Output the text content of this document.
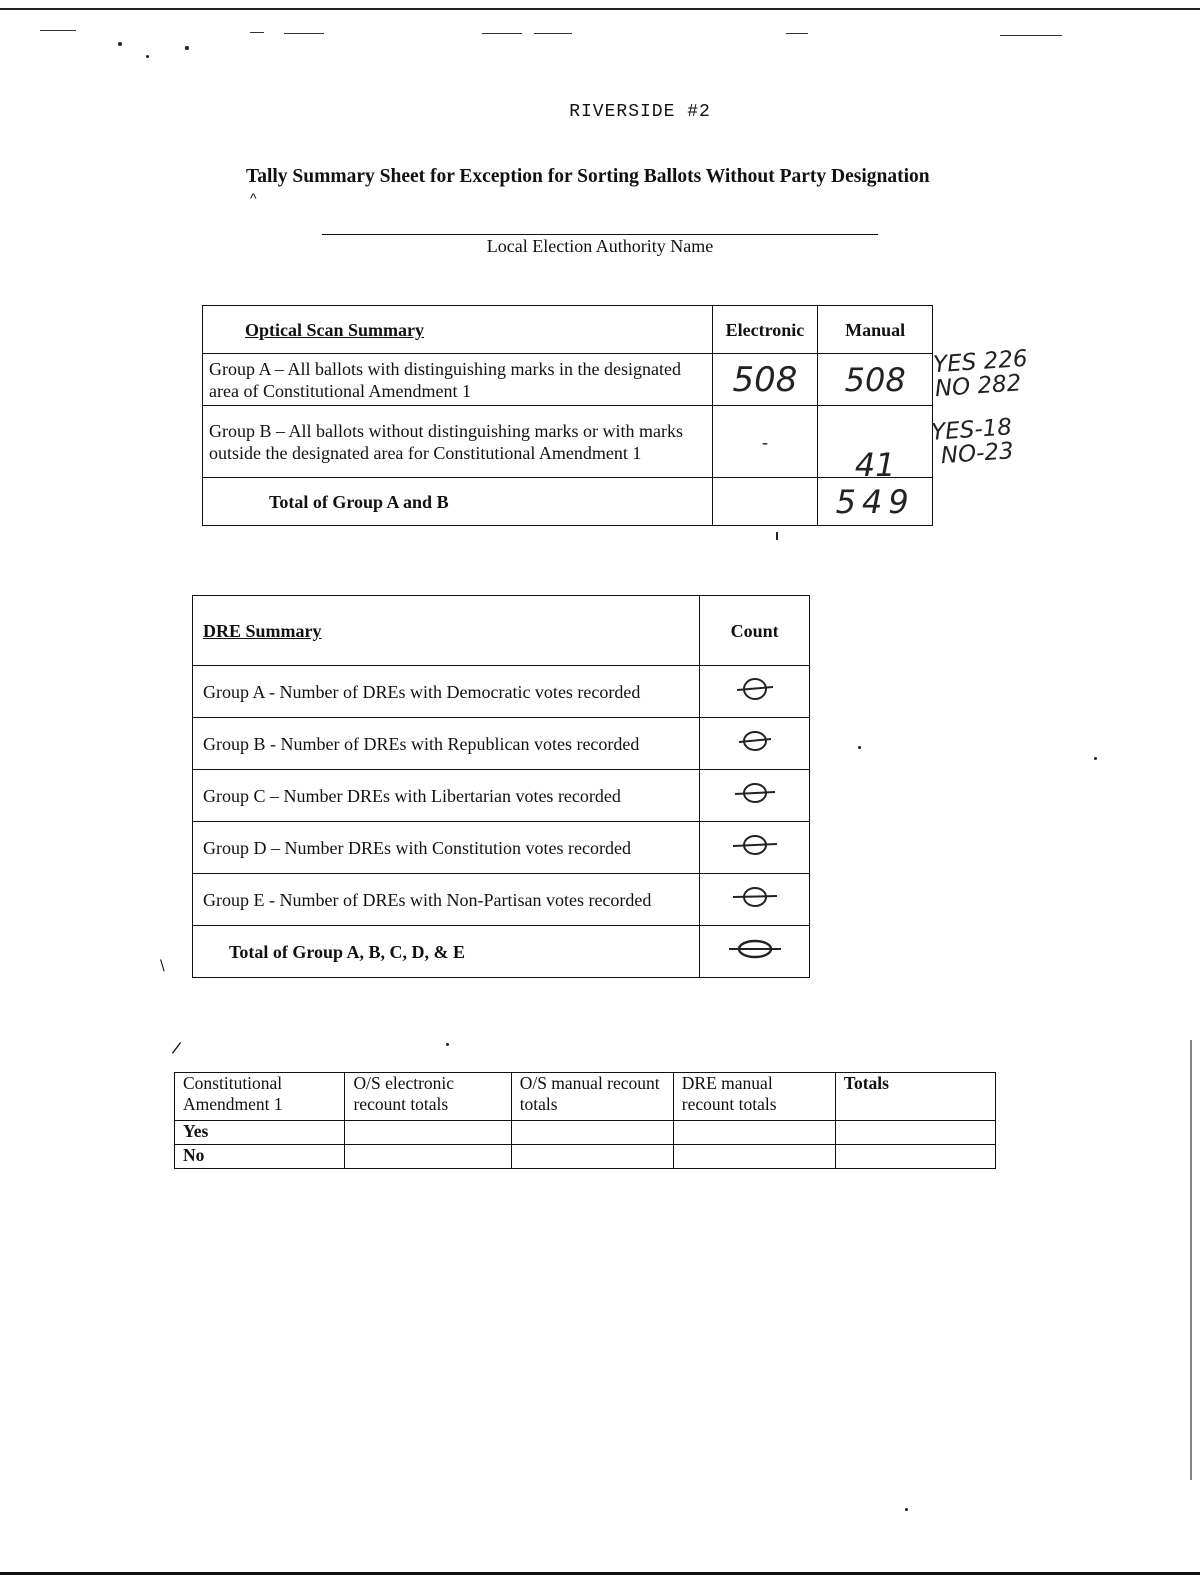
RIVERSIDE #2
Tally Summary Sheet for Exception for Sorting Ballots Without Party Designation
^
Local Election Authority Name
Optical Scan Summary	Electronic	Manual
Group A – All ballots with distinguishing marks in the designated area of Constitutional Amendment 1	508	508
Group B – All ballots without distinguishing marks or with marks outside the designated area for Constitutional Amendment 1	-	41
Total of Group A and B		549
YES 226
NO 282
YES-18
NO-23
DRE Summary	Count
Group A - Number of DREs with Democratic votes recorded	
Group B - Number of DREs with Republican votes recorded	
Group C – Number DREs with Libertarian votes recorded	
Group D – Number DREs with Constitution votes recorded	
Group E - Number of DREs with Non-Partisan votes recorded	
Total of Group A, B, C, D, & E	
\
/
Constitutional Amendment 1	O/S electronic recount totals	O/S manual recount totals	DRE manual recount totals	Totals
Yes				
No				
